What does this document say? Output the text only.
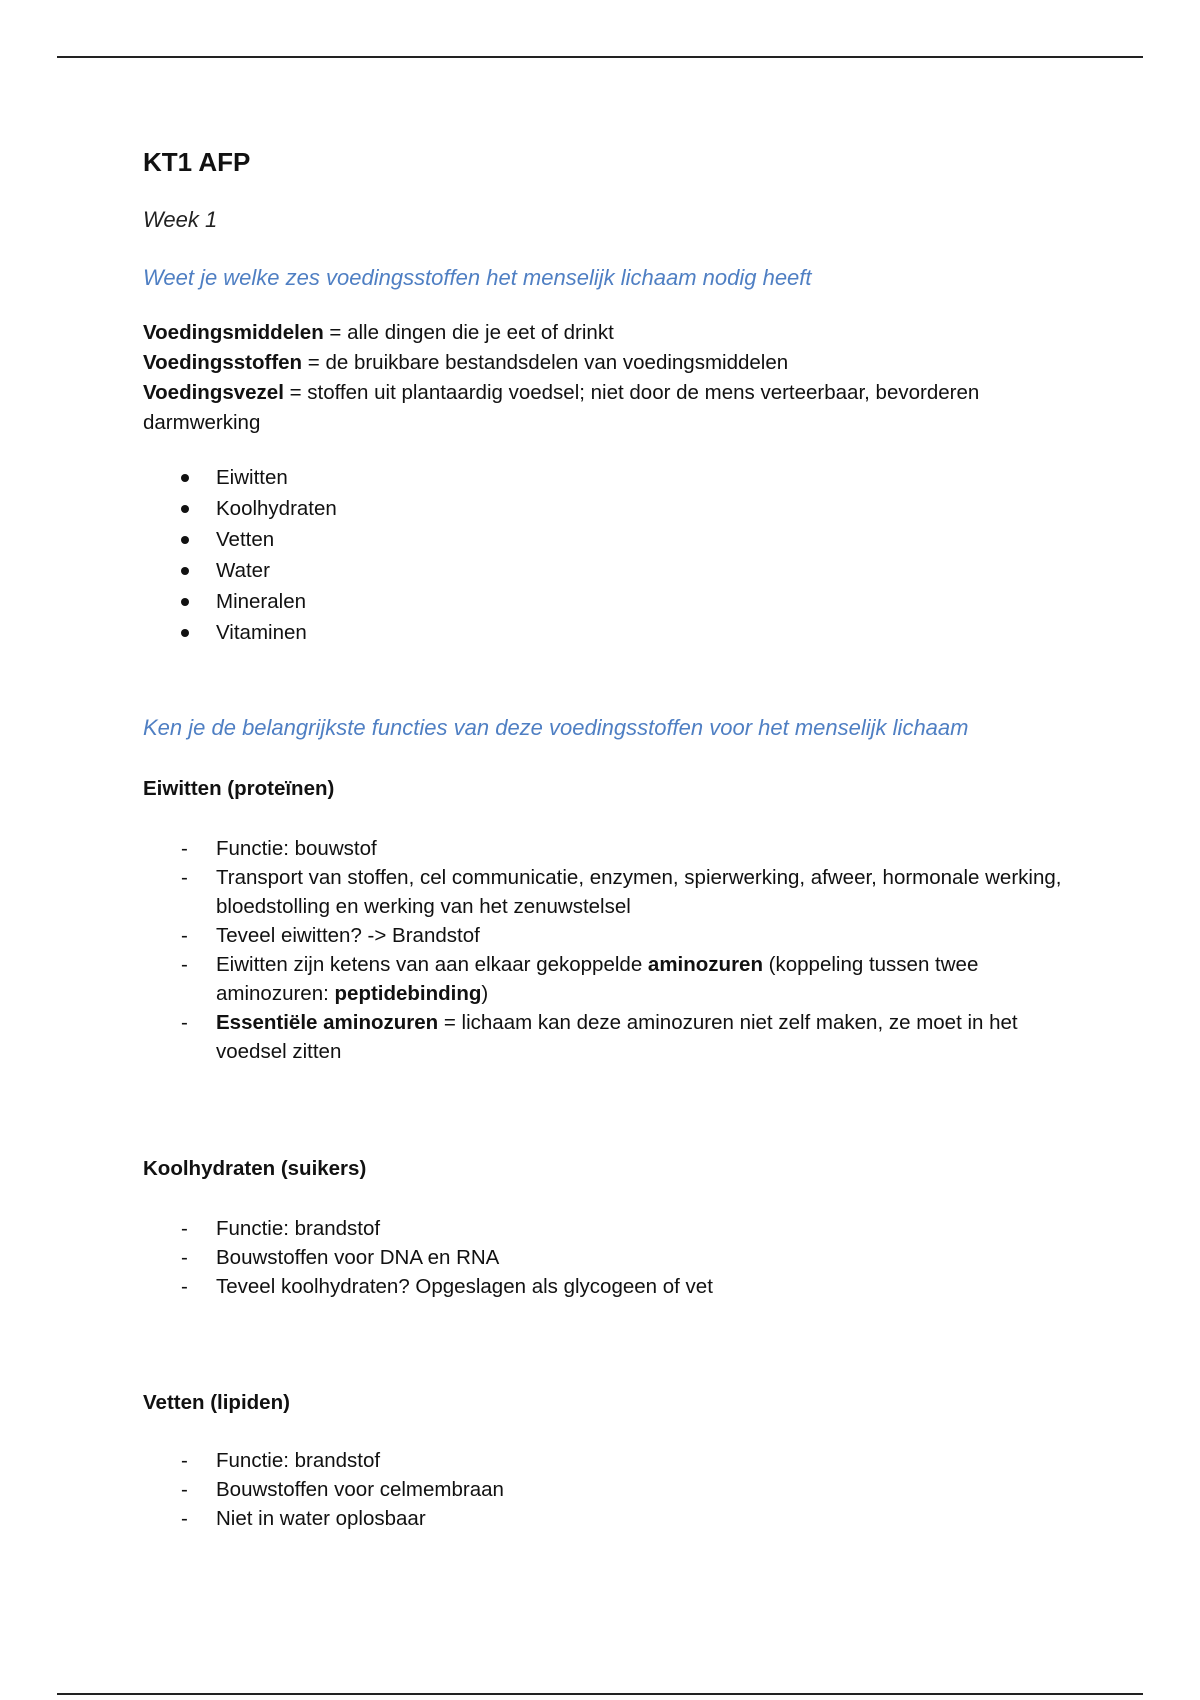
KT1 AFP

Week 1

Weet je welke zes voedingsstoffen het menselijk lichaam nodig heeft

Voedingsmiddelen = alle dingen die je eet of drinkt

Voedingsstoffen = de bruikbare bestandsdelen van voedingsmiddelen

Voedingsvezel = stoffen uit plantaardig voedsel; niet door de mens verteerbaar, bevorderen darmwerking

Eiwitten
Koolhydraten
Vetten
Water
Mineralen
Vitaminen

Ken je de belangrijkste functies van deze voedingsstoffen voor het menselijk lichaam

Eiwitten (proteïnen)
- Functie: bouwstof
- Transport van stoffen, cel communicatie, enzymen, spierwerking, afweer, hormonale werking, bloedstolling en werking van het zenuwstelsel
- Teveel eiwitten? -> Brandstof
- Eiwitten zijn ketens van aan elkaar gekoppelde aminozuren (koppeling tussen twee aminozuren: peptidebinding)
- Essentiële aminozuren = lichaam kan deze aminozuren niet zelf maken, ze moet in het voedsel zitten
Koolhydraten (suikers)
- Functie: brandstof
- Bouwstoffen voor DNA en RNA
- Teveel koolhydraten? Opgeslagen als glycogeen of vet
Vetten (lipiden)
- Functie: brandstof
- Bouwstoffen voor celmembraan
- Niet in water oplosbaar
